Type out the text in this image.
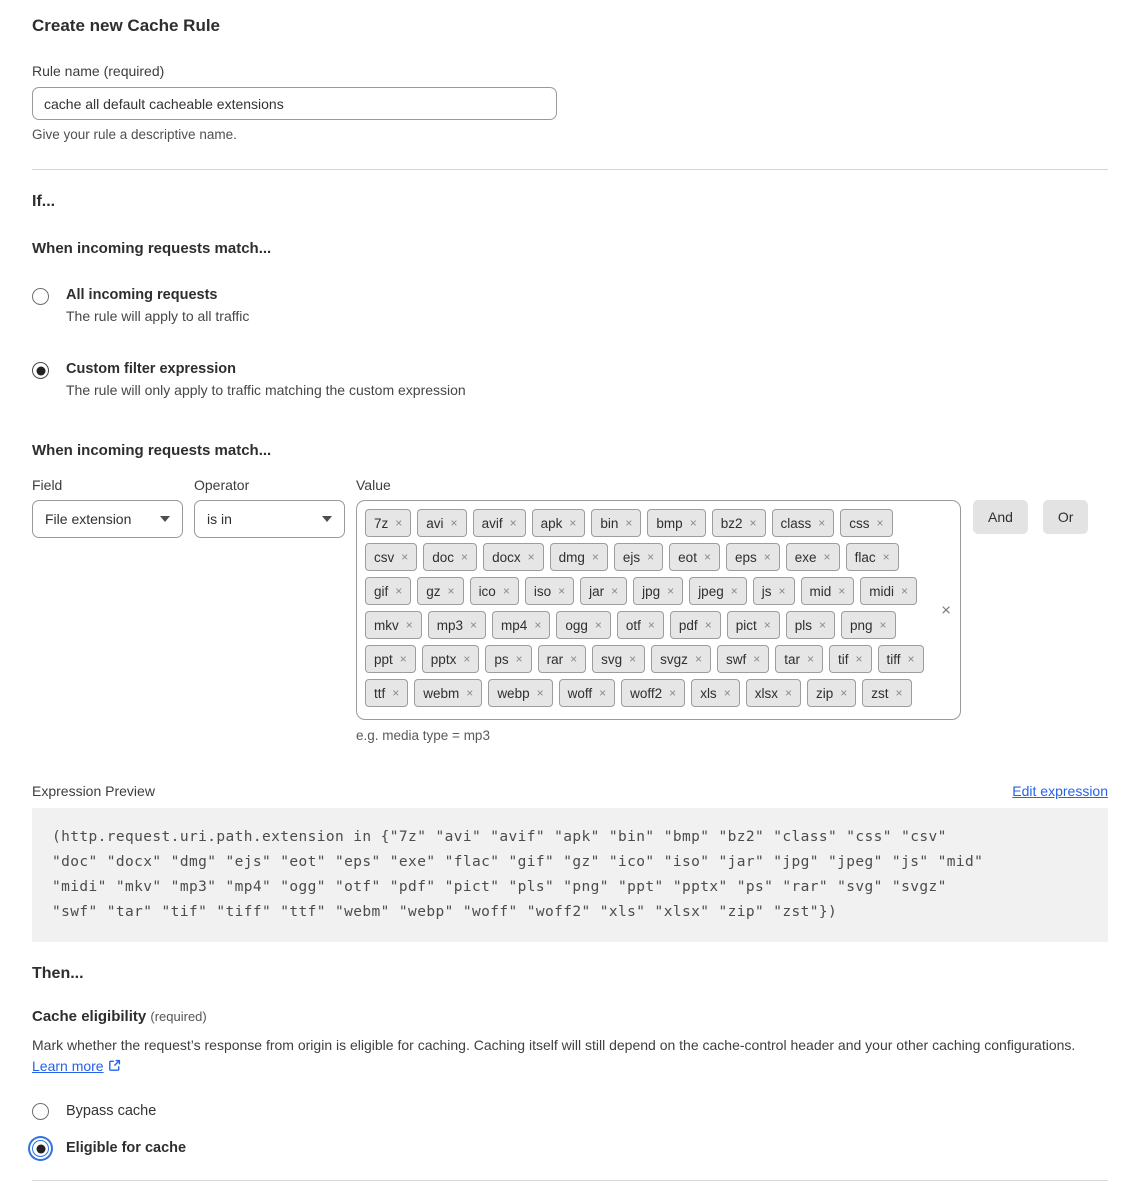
Create new Cache Rule
Rule name (required)
cache all default cacheable extensions
Give your rule a descriptive name.
If...
When incoming requests match...
All incoming requests
The rule will apply to all traffic
Custom filter expression
The rule will only apply to traffic matching the custom expression
When incoming requests match...
Field
File extension
Operator
is in
Value
7z × avi × avif × apk × bin × bmp × bz2 × class × css ×
csv × doc × docx × dmg × ejs × eot × eps × exe × flac ×
gif × gz × ico × iso × jar × jpg × jpeg × js × mid × midi ×
mkv × mp3 × mp4 × ogg × otf × pdf × pict × pls × png ×
ppt × pptx × ps × rar × svg × svgz × swf × tar × tif × tiff ×
ttf × webm × webp × woff × woff2 × xls × xlsx × zip × zst ×
×
e.g. media type = mp3
And	Or
Expression Preview	Edit expression
(http.request.uri.path.extension in {"7z" "avi" "avif" "apk" "bin" "bmp" "bz2" "class" "css" "csv"
"doc" "docx" "dmg" "ejs" "eot" "eps" "exe" "flac" "gif" "gz" "ico" "iso" "jar" "jpg" "jpeg" "js" "mid"
"midi" "mkv" "mp3" "mp4" "ogg" "otf" "pdf" "pict" "pls" "png" "ppt" "pptx" "ps" "rar" "svg" "svgz"
"swf" "tar" "tif" "tiff" "ttf" "webm" "webp" "woff" "woff2" "xls" "xlsx" "zip" "zst"})
Then...
Cache eligibility (required)
Mark whether the request’s response from origin is eligible for caching. Caching itself will still depend on the cache-control header and your other caching configurations. Learn more
Bypass cache
Eligible for cache
